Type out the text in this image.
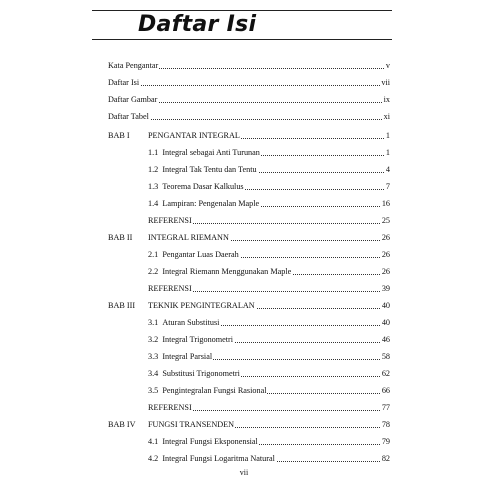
Daftar Isi
Kata Pengantar	v
Daftar Isi	vii
Daftar Gambar	ix
Daftar Tabel	xi
BAB I PENGANTAR INTEGRAL	1
1.1 Integral sebagai Anti Turunan	1
1.2 Integral Tak Tentu dan Tentu	4
1.3 Teorema Dasar Kalkulus	7
1.4 Lampiran: Pengenalan Maple	16
REFERENSI	25
BAB II INTEGRAL RIEMANN	26
2.1 Pengantar Luas Daerah	26
2.2 Integral Riemann Menggunakan Maple	26
REFERENSI	39
BAB III TEKNIK PENGINTEGRALAN	40
3.1 Aturan Substitusi	40
3.2 Integral Trigonometri	46
3.3 Integral Parsial	58
3.4 Substitusi Trigonometri	62
3.5 Pengintegralan Fungsi Rasional	66
REFERENSI	77
BAB IV FUNGSI TRANSENDEN	78
4.1 Integral Fungsi Eksponensial	79
4.2 Integral Fungsi Logaritma Natural	82
vii
